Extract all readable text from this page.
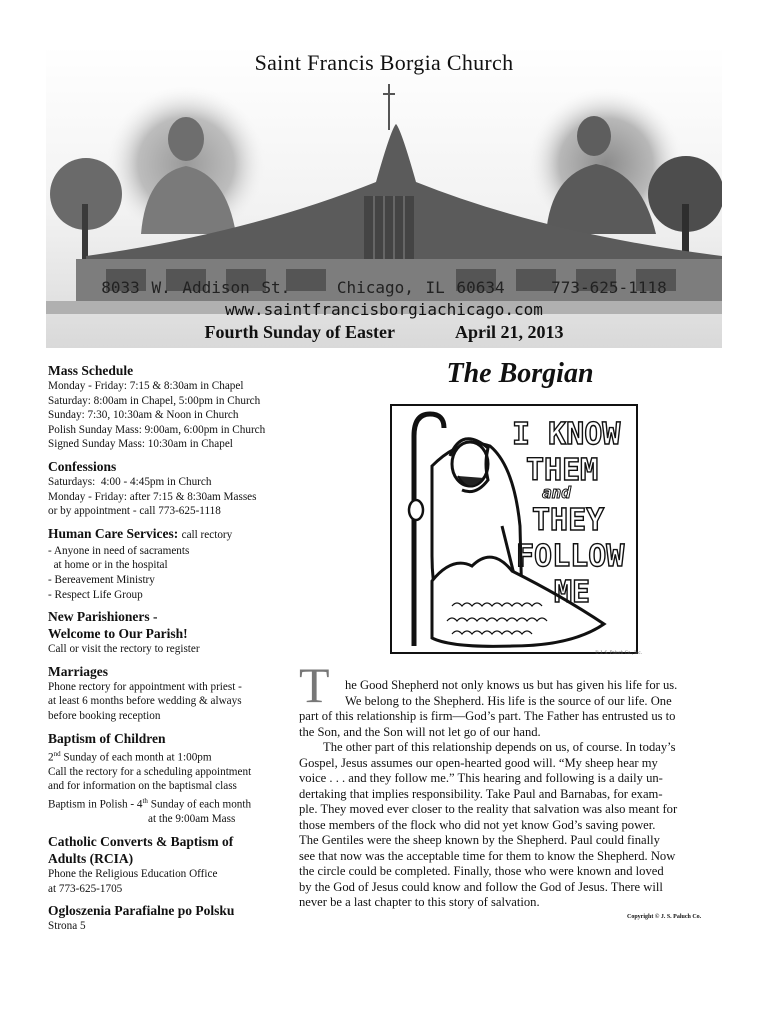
Saint Francis Borgia Church
8033 W. Addison St.    Chicago, IL 60634    773-625-1118
www.saintfrancisborgiachicago.com
Fourth Sunday of Easter	April 21, 2013
Mass Schedule
Monday - Friday: 7:15 & 8:30am in Chapel
Saturday: 8:00am in Chapel, 5:00pm in Church
Sunday: 7:30, 10:30am & Noon in Church
Polish Sunday Mass: 9:00am, 6:00pm in Church
Signed Sunday Mass: 10:30am in Chapel
Confessions
Saturdays:  4:00 - 4:45pm in Church
Monday - Friday: after 7:15 & 8:30am Masses
or by appointment - call 773-625-1118
Human Care Services: call rectory
- Anyone in need of sacraments
at home or in the hospital
- Bereavement Ministry
- Respect Life Group
New Parishioners -
Welcome to Our Parish!
Call or visit the rectory to register
Marriages
Phone rectory for appointment with priest -
at least 6 months before wedding & always
before booking reception
Baptism of Children
2nd Sunday of each month at 1:00pm
Call the rectory for a scheduling appointment
and for information on the baptismal class
Baptism in Polish - 4th Sunday of each month
at the 9:00am Mass
Catholic Converts & Baptism of
Adults (RCIA)
Phone the Religious Education Office
at 773-625-1705
Ogloszenia Parafialne po Polsku
Strona 5
The Borgian
I KNOW
THEM
and
THEY
FOLLOW
ME
© J. S. Paluch Co., Inc.
T	he Good Shepherd not only knows us but has given his life for us.
We belong to the Shepherd. His life is the source of our life. One
part of this relationship is firm—God’s part. The Father has entrusted us to
the Son, and the Son will not let go of our hand.
The other part of this relationship depends on us, of course. In today’s
Gospel, Jesus assumes our open-hearted good will. “My sheep hear my
voice . . . and they follow me.” This hearing and following is a daily un-
dertaking that implies responsibility. Take Paul and Barnabas, for exam-
ple. They moved ever closer to the reality that salvation was also meant for
those members of the flock who did not yet know God’s saving power.
The Gentiles were the sheep known by the Shepherd. Paul could finally
see that now was the acceptable time for them to know the Shepherd. Now
the circle could be completed. Finally, those who were known and loved
by the God of Jesus could know and follow the God of Jesus. There will
never be a last chapter to this story of salvation.
Copyright © J. S. Paluch Co.
